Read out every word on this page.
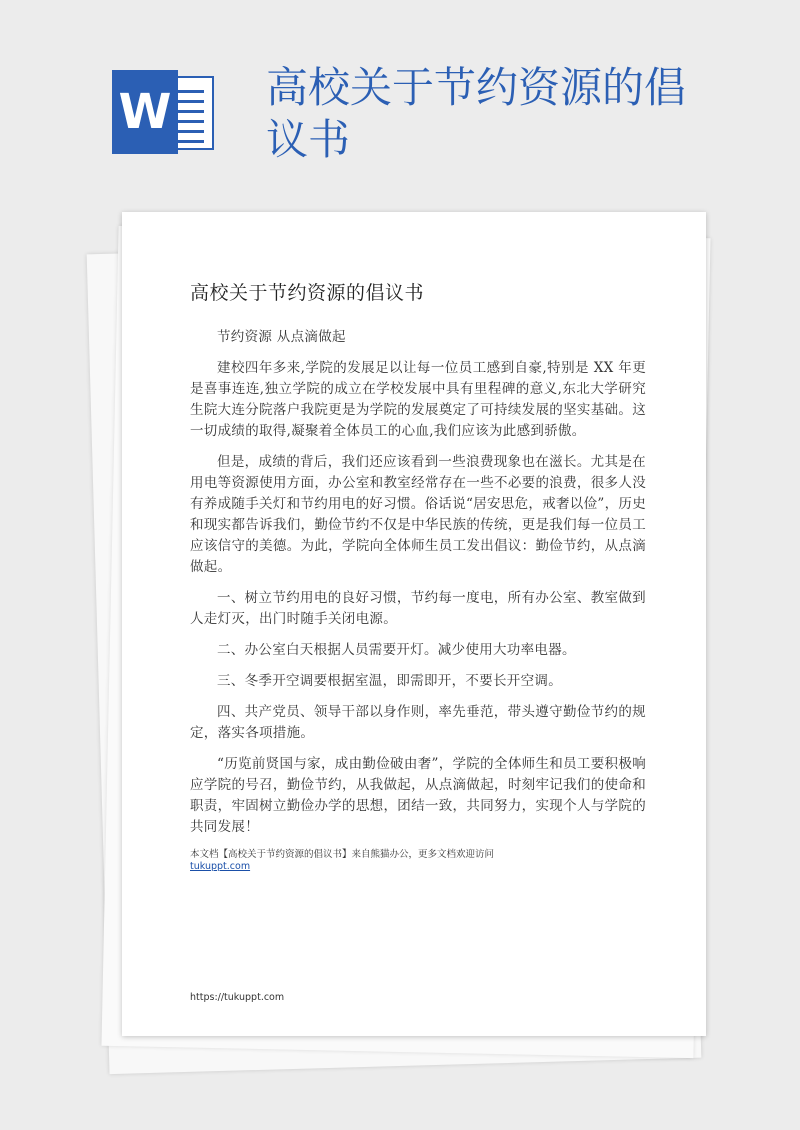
W 高校关于节约资源的倡议书
高校关于节约资源的倡议书

节约资源 从点滴做起

建校四年多来,学院的发展足以让每一位员工感到自豪,特别是 XX 年更是喜事连连,独立学院的成立在学校发展中具有里程碑的意义,东北大学研究生院大连分院落户我院更是为学院的发展奠定了可持续发展的坚实基础。这一切成绩的取得,凝聚着全体员工的心血,我们应该为此感到骄傲。

但是，成绩的背后，我们还应该看到一些浪费现象也在滋长。尤其是在用电等资源使用方面，办公室和教室经常存在一些不必要的浪费，很多人没有养成随手关灯和节约用电的好习惯。俗话说“居安思危，戒奢以俭”，历史和现实都告诉我们，勤俭节约不仅是中华民族的传统，更是我们每一位员工应该信守的美德。为此，学院向全体师生员工发出倡议：勤俭节约，从点滴做起。

一、树立节约用电的良好习惯，节约每一度电，所有办公室、教室做到人走灯灭，出门时随手关闭电源。

二、办公室白天根据人员需要开灯。减少使用大功率电器。

三、冬季开空调要根据室温，即需即开，不要长开空调。

四、共产党员、领导干部以身作则，率先垂范，带头遵守勤俭节约的规定，落实各项措施。

“历览前贤国与家，成由勤俭破由奢”，学院的全体师生和员工要积极响应学院的号召，勤俭节约，从我做起，从点滴做起，时刻牢记我们的使命和职责，牢固树立勤俭办学的思想，团结一致，共同努力，实现个人与学院的共同发展！

本文档【高校关于节约资源的倡议书】来自熊猫办公，更多文档欢迎访问
tukuppt.com
https://tukuppt.com
